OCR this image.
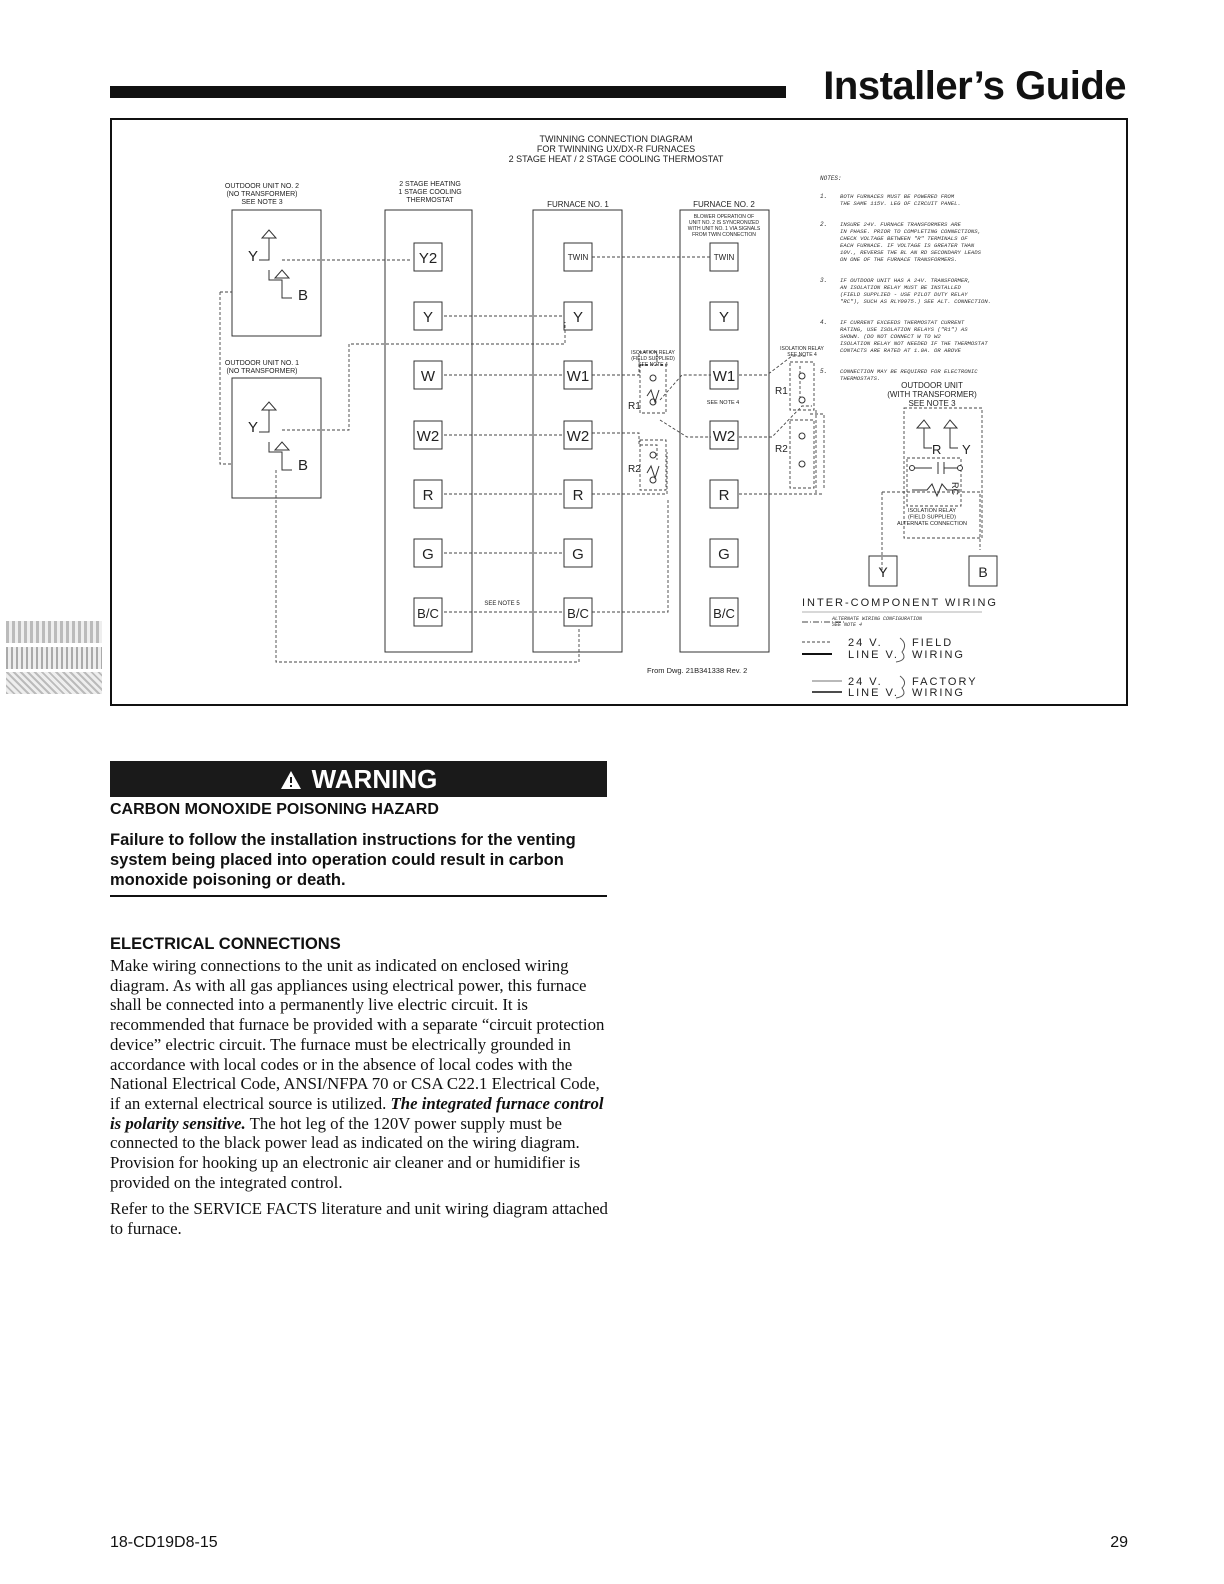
Installer’s Guide
TWINNING CONNECTION DIAGRAM
FOR TWINNING UX/DX-R FURNACES
2 STAGE HEAT / 2 STAGE COOLING THERMOSTAT
OUTDOOR UNIT NO. 2
(NO TRANSFORMER)
SEE NOTE 3
Y
B
OUTDOOR UNIT NO. 1
(NO TRANSFORMER)
Y
B
2 STAGE HEATING
1 STAGE COOLING
THERMOSTAT
Y2
Y
W
W2
R
G
B/C
FURNACE NO. 1
TWIN
Y
W1
W2
R
G
B/C
FURNACE NO. 2
BLOWER OPERATION OF
UNIT NO. 2 IS SYNCRONIZED
WITH UNIT NO. 1 VIA SIGNALS
FROM TWIN CONNECTION
TWIN
Y
W1
W2
R
G
B/C
ISOLATION RELAY
(FIELD SUPPLIED)
SEE NOTE 4
ISOLATION RELAY
SEE NOTE 4
SEE NOTE 4
SEE NOTE 5
R1
R2
R1
R2
OUTDOOR UNIT
(WITH TRANSFORMER)
SEE NOTE 3
R Y
RC
ISOLATION RELAY
(FIELD SUPPLIED)
ALTERNATE CONNECTION
Y	B
NOTES:
1. BOTH FURNACES MUST BE POWERED FROM
THE SAME 115V. LEG OF CIRCUIT PANEL.
2. INSURE 24V. FURNACE TRANSFORMERS ARE
IN PHASE. PRIOR TO COMPLETING CONNECTIONS,
CHECK VOLTAGE BETWEEN "R" TERMINALS OF
EACH FURNACE. IF VOLTAGE IS GREATER THAN
10V., REVERSE THE BL AN RD SECONDARY LEADS
ON ONE OF THE FURNACE TRANSFORMERS.
3. IF OUTDOOR UNIT HAS A 24V. TRANSFORMER,
AN ISOLATION RELAY MUST BE INSTALLED
(FIELD SUPPLIED - USE PILOT DUTY RELAY
"RC"), SUCH AS RLY0975.) SEE ALT. CONNECTION.
4. IF CURRENT EXCEEDS THERMOSTAT CURRENT
RATING, USE ISOLATION RELAYS ("R1") AS
SHOWN. (DO NOT CONNECT W TO W2
ISOLATION RELAY NOT NEEDED IF THE THERMOSTAT
CONTACTS ARE RATED AT 1.0A. OR ABOVE
5. CONNECTION MAY BE REQUIRED FOR ELECTRONIC
THERMOSTATS.
INTER-COMPONENT WIRING
ALTERNATE WIRING CONFIGURATION
SEE NOTE 4
24 V.
LINE V.
24 V.
LINE V.
FIELD
WIRING
FACTORY
WIRING
From Dwg. 21B341338 Rev. 2
WARNING
CARBON MONOXIDE POISONING HAZARD
Failure to follow the installation instructions for the venting system being placed into operation could result in carbon monoxide poisoning or death.
ELECTRICAL CONNECTIONS

Make wiring connections to the unit as indicated on enclosed wiring diagram. As with all gas appliances using electrical power, this furnace shall be connected into a permanently live electric circuit. It is recommended that furnace be provided with a separate “circuit protection device” electric circuit. The furnace must be electrically grounded in accordance with local codes or in the absence of local codes with the National Electrical Code, ANSI/NFPA 70 or CSA C22.1 Electrical Code, if an external electrical source is utilized. The integrated furnace control is polarity sensitive. The hot leg of the 120V power supply must be connected to the black power lead as indicated on the wiring diagram. Provision for hooking up an electronic air cleaner and or humidifier is provided on the integrated control.

Refer to the SERVICE FACTS literature and unit wiring diagram attached to furnace.

18-CD19D8-15	29
